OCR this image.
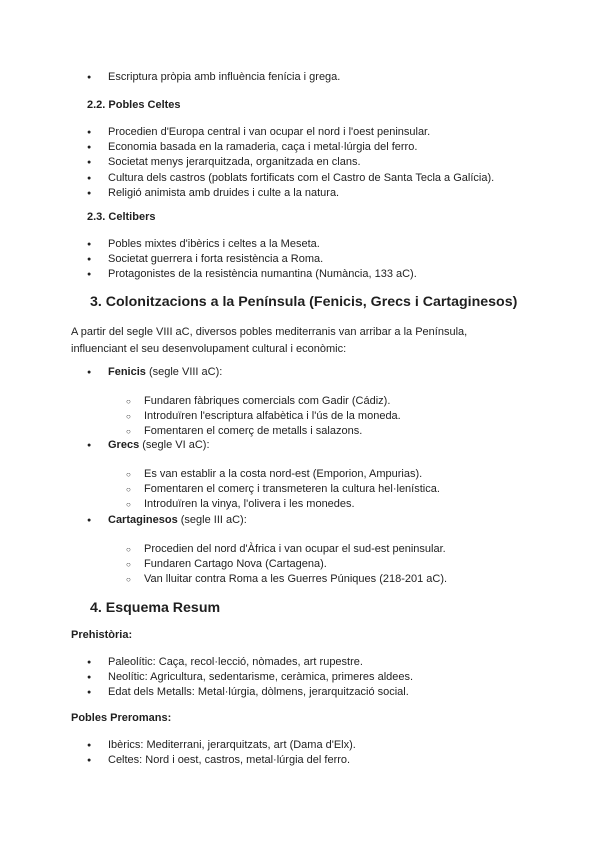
● Escriptura pròpia amb influència fenícia i grega.
2.2. Pobles Celtes
● Procedien d'Europa central i van ocupar el nord i l'oest peninsular.
● Economia basada en la ramaderia, caça i metal·lúrgia del ferro.
● Societat menys jerarquitzada, organitzada en clans.
● Cultura dels castros (poblats fortificats com el Castro de Santa Tecla a Galícia).
● Religió animista amb druides i culte a la natura.
2.3. Celtibers
● Pobles mixtes d'ibèrics i celtes a la Meseta.
● Societat guerrera i forta resistència a Roma.
● Protagonistes de la resistència numantina (Numància, 133 aC).
3. Colonitzacions a la Península (Fenicis, Grecs i Cartaginesos)
A partir del segle VIII aC, diversos pobles mediterranis van arribar a la Península,
influenciant el seu desenvolupament cultural i econòmic:
● Fenicis (segle VIII aC):
○ Fundaren fàbriques comercials com Gadir (Cádiz).
○ Introduïren l'escriptura alfabètica i l'ús de la moneda.
○ Fomentaren el comerç de metalls i salazons.
● Grecs (segle VI aC):
○ Es van establir a la costa nord-est (Emporion, Ampurias).
○ Fomentaren el comerç i transmeteren la cultura hel·lenística.
○ Introduïren la vinya, l'olivera i les monedes.
● Cartaginesos (segle III aC):
○ Procedien del nord d'Àfrica i van ocupar el sud-est peninsular.
○ Fundaren Cartago Nova (Cartagena).
○ Van lluitar contra Roma a les Guerres Púniques (218-201 aC).
4. Esquema Resum
Prehistòria:
● Paleolític: Caça, recol·lecció, nòmades, art rupestre.
● Neolític: Agricultura, sedentarisme, ceràmica, primeres aldees.
● Edat dels Metalls: Metal·lúrgia, dòlmens, jerarquització social.
Pobles Preromans:
● Ibèrics: Mediterrani, jerarquitzats, art (Dama d'Elx).
● Celtes: Nord i oest, castros, metal·lúrgia del ferro.
